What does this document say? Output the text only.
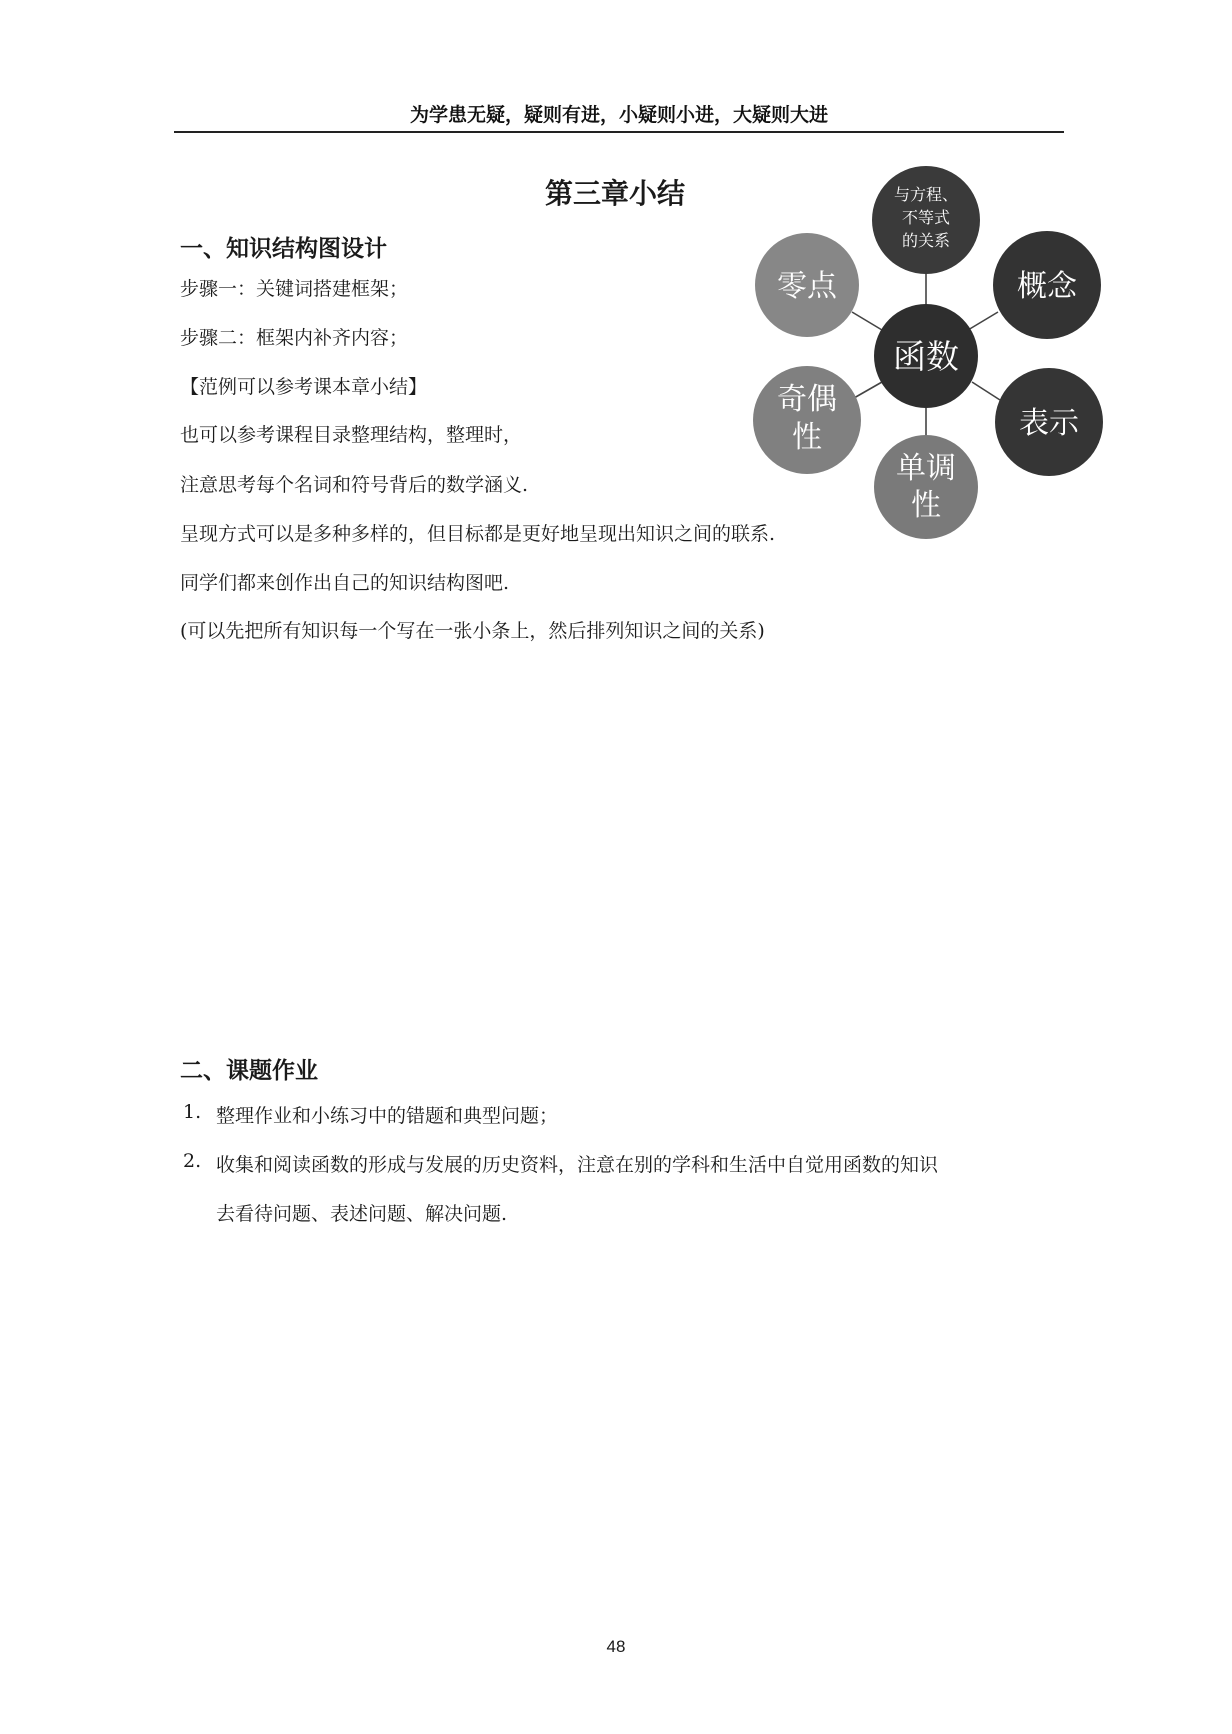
为学患无疑，疑则有进，小疑则小进，大疑则大进
第三章小结
一、知识结构图设计
步骤一：关键词搭建框架；
步骤二：框架内补齐内容；
【范例可以参考课本章小结】
也可以参考课程目录整理结构，整理时，
注意思考每个名词和符号背后的数学涵义.
呈现方式可以是多种多样的，但目标都是更好地呈现出知识之间的联系.
同学们都来创作出自己的知识结构图吧.
(可以先把所有知识每一个写在一张小条上，然后排列知识之间的关系)
与方程、
不等式
的关系
概念
表示
单调
性
奇偶
性
零点
函数
二、课题作业
1. 整理作业和小练习中的错题和典型问题；
2. 收集和阅读函数的形成与发展的历史资料，注意在别的学科和生活中自觉用函数的知识
去看待问题、表述问题、解决问题.
48
